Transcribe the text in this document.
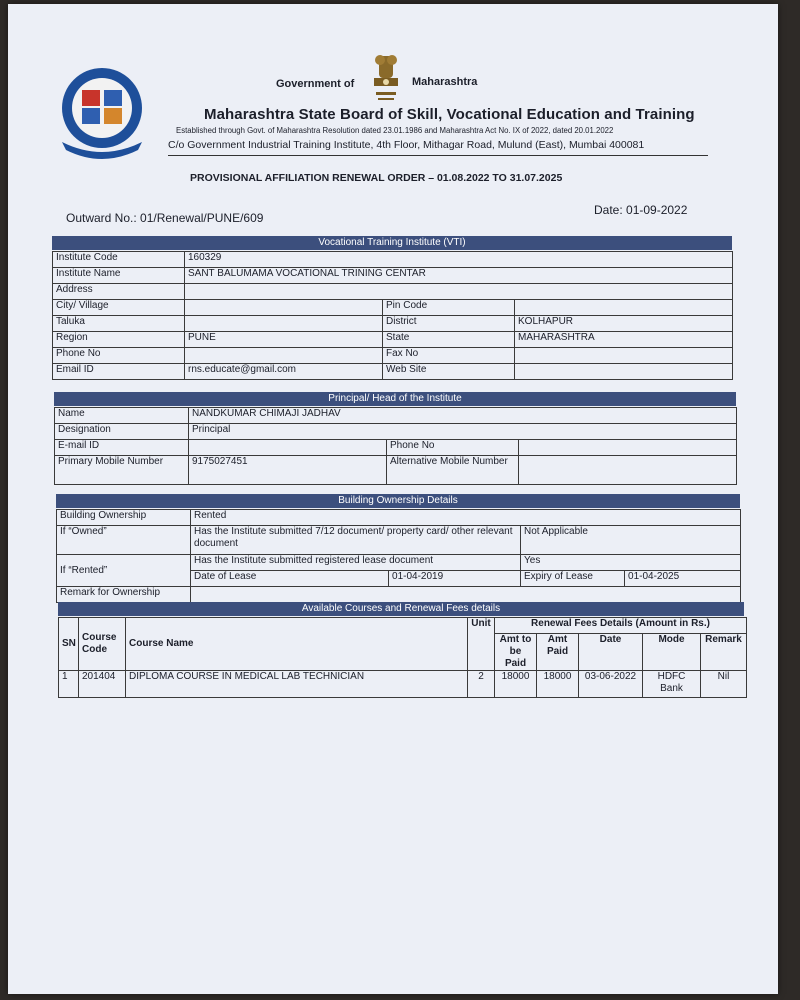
Government of	Maharashtra
Maharashtra State Board of Skill, Vocational Education and Training
Established through Govt. of Maharashtra Resolution dated 23.01.1986 and Maharashtra Act No. IX of 2022, dated 20.01.2022
C/o Government Industrial Training Institute, 4th Floor, Mithagar Road, Mulund (East), Mumbai 400081
PROVISIONAL AFFILIATION RENEWAL ORDER – 01.08.2022 TO 31.07.2025
Outward No.: 01/Renewal/PUNE/609
Date: 01-09-2022
Vocational Training Institute (VTI)
Institute Code	160329		
Institute Name	SANT BALUMAMA VOCATIONAL TRINING CENTAR		
Address			
City/ Village		Pin Code	
Taluka		District	KOLHAPUR
Region	PUNE	State	MAHARASHTRA
Phone No		Fax No	
Email ID	rns.educate@gmail.com	Web Site	
Principal/ Head of the Institute
Name	NANDKUMAR CHIMAJI JADHAV		
Designation	Principal		
E-mail ID		Phone No	
Primary Mobile Number	9175027451	Alternative Mobile Number	
Building Ownership Details
Building Ownership	Rented			
If “Owned”	Has the Institute submitted 7/12 document/ property card/ other relevant document		Not Applicable	
If “Rented”	Has the Institute submitted registered lease document		Yes	
	Date of Lease	01-04-2019	Expiry of Lease	01-04-2025
Remark for Ownership				
Available Courses and Renewal Fees details
SN	Course Code	Course Name	Unit	Renewal Fees Details (Amount in Rs.)				
				Amt to be Paid	Amt Paid	Date	Mode	Remark
1	201404	DIPLOMA COURSE IN MEDICAL LAB TECHNICIAN	2	18000	18000	03-06-2022	HDFC Bank	Nil
